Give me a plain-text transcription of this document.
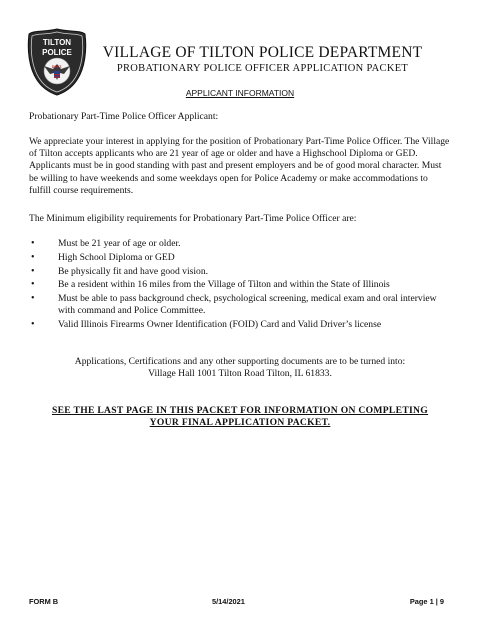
TILTON
POLICE
DEPT.
VILLAGE OF TILTON POLICE DEPARTMENT
PROBATIONARY POLICE OFFICER APPLICATION PACKET
APPLICANT INFORMATION
Probationary Part-Time Police Officer Applicant:
We appreciate your interest in applying for the position of Probationary Part-Time Police Officer. The Village of Tilton accepts applicants who are 21 year of age or older and have a Highschool Diploma or GED. Applicants must be in good standing with past and present employers and be of good moral character. Must be willing to have weekends and some weekdays open for Police Academy or make accommodations to fulfill course requirements.
The Minimum eligibility requirements for Probationary Part-Time Police Officer are:
• Must be 21 year of age or older.
• High School Diploma or GED
• Be physically fit and have good vision.
• Be a resident within 16 miles from the Village of Tilton and within the State of Illinois
• Must be able to pass background check, psychological screening, medical exam and oral interview with command and Police Committee.
• Valid Illinois Firearms Owner Identification (FOID) Card and Valid Driver’s license
Applications, Certifications and any other supporting documents are to be turned into:
Village Hall 1001 Tilton Road Tilton, IL 61833.
SEE THE LAST PAGE IN THIS PACKET FOR INFORMATION ON COMPLETING
YOUR FINAL APPLICATION PACKET.
FORM B	5/14/2021	Page 1 | 9
